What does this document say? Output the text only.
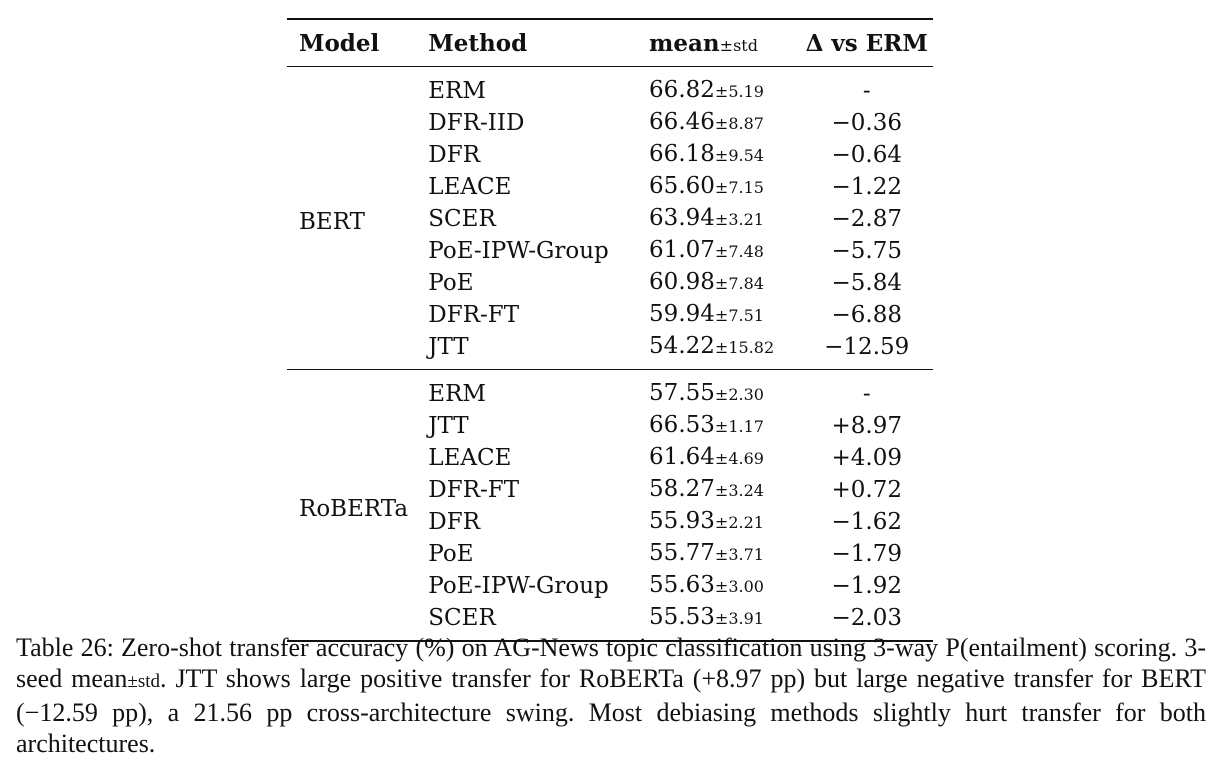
Model	Method	mean±std	Δ vs ERM
BERT	ERM	66.82±5.19	-
	DFR-IID	66.46±8.87	−0.36
	DFR	66.18±9.54	−0.64
	LEACE	65.60±7.15	−1.22
	SCER	63.94±3.21	−2.87
	PoE-IPW-Group	61.07±7.48	−5.75
	PoE	60.98±7.84	−5.84
	DFR-FT	59.94±7.51	−6.88
	JTT	54.22±15.82	−12.59
RoBERTa	ERM	57.55±2.30	-
	JTT	66.53±1.17	+8.97
	LEACE	61.64±4.69	+4.09
	DFR-FT	58.27±3.24	+0.72
	DFR	55.93±2.21	−1.62
	PoE	55.77±3.71	−1.79
	PoE-IPW-Group	55.63±3.00	−1.92
	SCER	55.53±3.91	−2.03
Table 26: Zero-shot transfer accuracy (%) on AG-News topic classification using 3-way P(entailment) scoring. 3-seed mean±std. JTT shows large positive transfer for RoBERTa (+8.97 pp) but large negative transfer for BERT (−12.59 pp), a 21.56 pp cross-architecture swing. Most debiasing methods slightly hurt transfer for both architectures.
